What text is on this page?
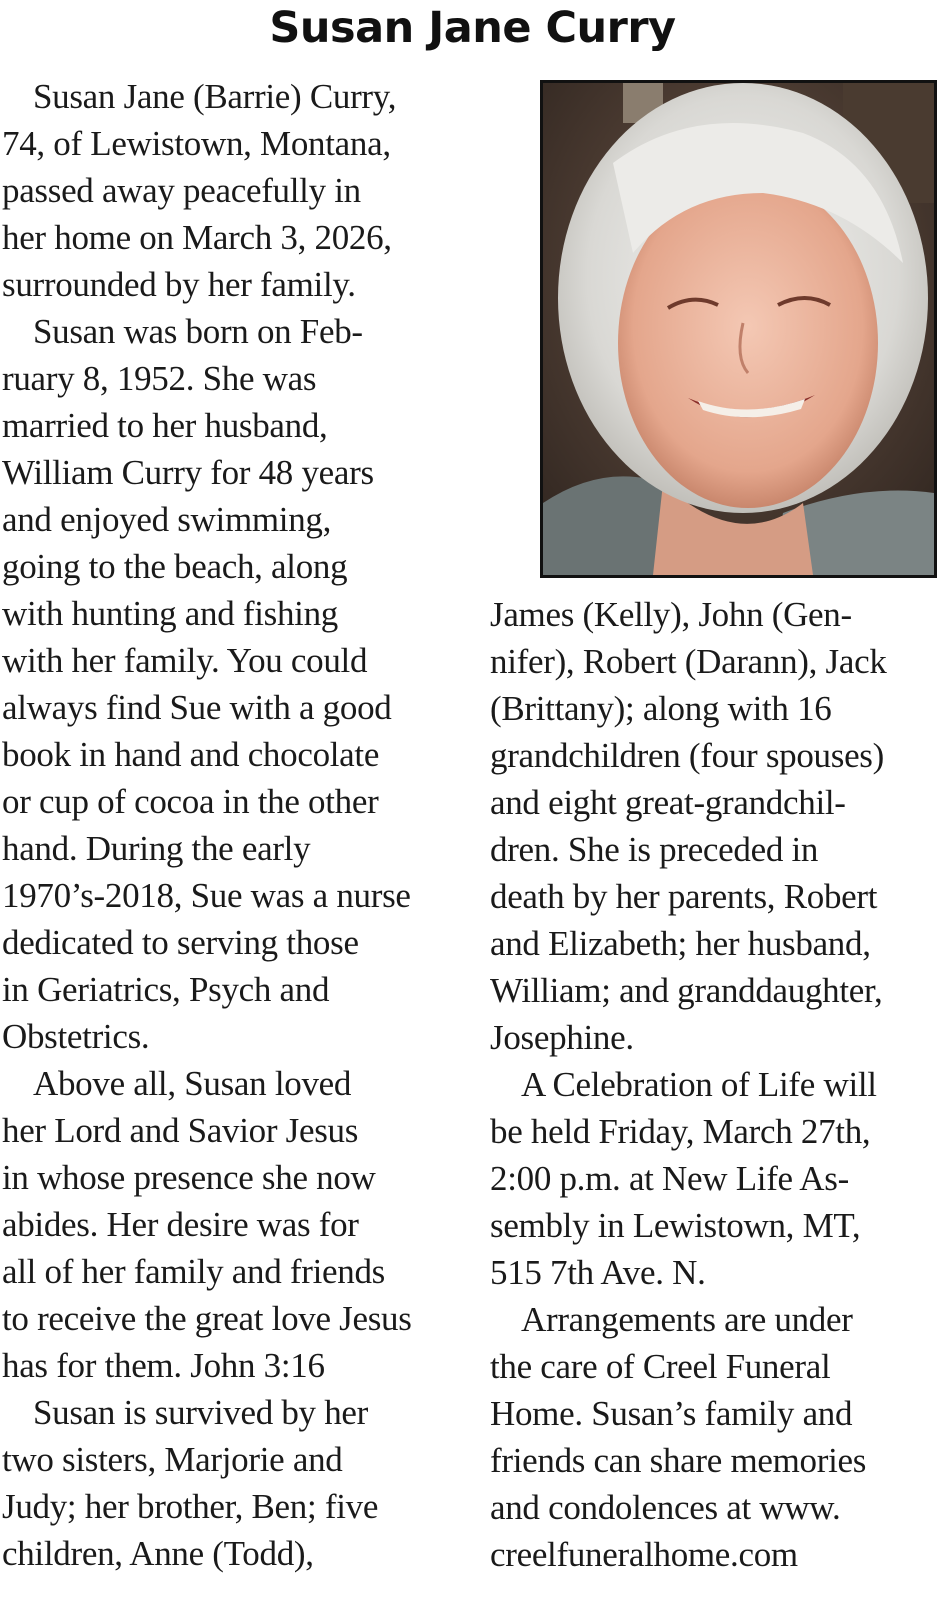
Susan Jane Curry
Susan Jane (Barrie) Curry,
74, of Lewistown, Montana,
passed away peacefully in
her home on March 3, 2026,
surrounded by her family.
Susan was born on Feb-
ruary 8, 1952. She was
married to her husband,
William Curry for 48 years
and enjoyed swimming,
going to the beach, along
with hunting and fishing
with her family. You could
always find Sue with a good
book in hand and chocolate
or cup of cocoa in the other
hand. During the early
1970’s-2018, Sue was a nurse
dedicated to serving those
in Geriatrics, Psych and
Obstetrics.
Above all, Susan loved
her Lord and Savior Jesus
in whose presence she now
abides. Her desire was for
all of her family and friends
to receive the great love Jesus
has for them. John 3:16
Susan is survived by her
two sisters, Marjorie and
Judy; her brother, Ben; five
children, Anne (Todd),
James (Kelly), John (Gen-
nifer), Robert (Darann), Jack
(Brittany); along with 16
grandchildren (four spouses)
and eight great-grandchil-
dren. She is preceded in
death by her parents, Robert
and Elizabeth; her husband,
William; and granddaughter,
Josephine.
A Celebration of Life will
be held Friday, March 27th,
2:00 p.m. at New Life As-
sembly in Lewistown, MT,
515 7th Ave. N.
Arrangements are under
the care of Creel Funeral
Home. Susan’s family and
friends can share memories
and condolences at www.
creelfuneralhome.com
